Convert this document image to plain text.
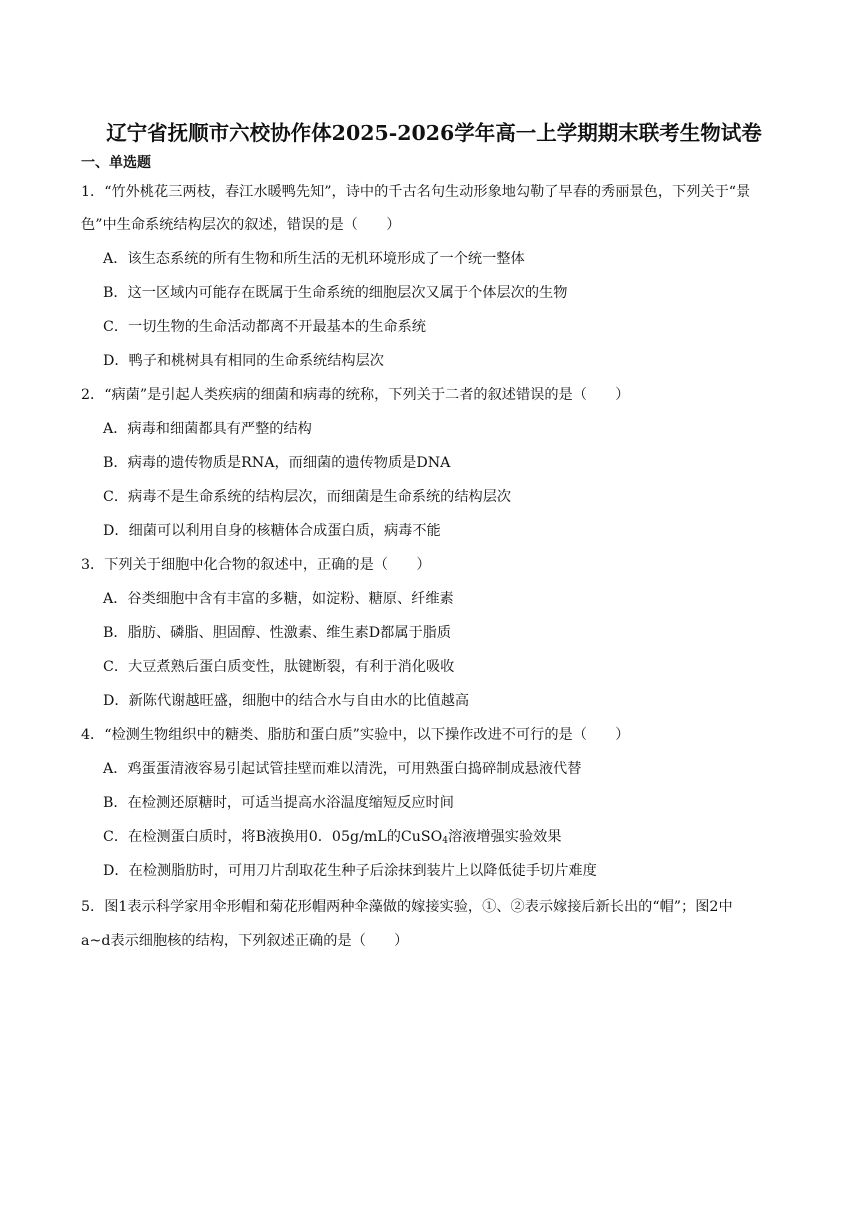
辽宁省抚顺市六校协作体2025-2026学年高一上学期期末联考生物试卷
一、单选题
1．“竹外桃花三两枝，春江水暖鸭先知”，诗中的千古名句生动形象地勾勒了早春的秀丽景色，下列关于“景
色”中生命系统结构层次的叙述，错误的是（　　）
A．该生态系统的所有生物和所生活的无机环境形成了一个统一整体
B．这一区域内可能存在既属于生命系统的细胞层次又属于个体层次的生物
C．一切生物的生命活动都离不开最基本的生命系统
D．鸭子和桃树具有相同的生命系统结构层次
2．“病菌”是引起人类疾病的细菌和病毒的统称，下列关于二者的叙述错误的是（　　）
A．病毒和细菌都具有严整的结构
B．病毒的遗传物质是RNA，而细菌的遗传物质是DNA
C．病毒不是生命系统的结构层次，而细菌是生命系统的结构层次
D．细菌可以利用自身的核糖体合成蛋白质，病毒不能
3．下列关于细胞中化合物的叙述中，正确的是（　　）
A．谷类细胞中含有丰富的多糖，如淀粉、糖原、纤维素
B．脂肪、磷脂、胆固醇、性激素、维生素D都属于脂质
C．大豆煮熟后蛋白质变性，肽键断裂，有利于消化吸收
D．新陈代谢越旺盛，细胞中的结合水与自由水的比值越高
4．“检测生物组织中的糖类、脂肪和蛋白质”实验中，以下操作改进不可行的是（　　）
A．鸡蛋蛋清液容易引起试管挂壁而难以清洗，可用熟蛋白捣碎制成悬液代替
B．在检测还原糖时，可适当提高水浴温度缩短反应时间
C．在检测蛋白质时，将B液换用0．05g/mL的CuSO$_4$溶液增强实验效果
D．在检测脂肪时，可用刀片刮取花生种子后涂抹到装片上以降低徒手切片难度
5．图1表示科学家用伞形帽和菊花形帽两种伞藻做的嫁接实验，①、②表示嫁接后新长出的“帽”；图2中
a~d表示细胞核的结构，下列叙述正确的是（　　）
